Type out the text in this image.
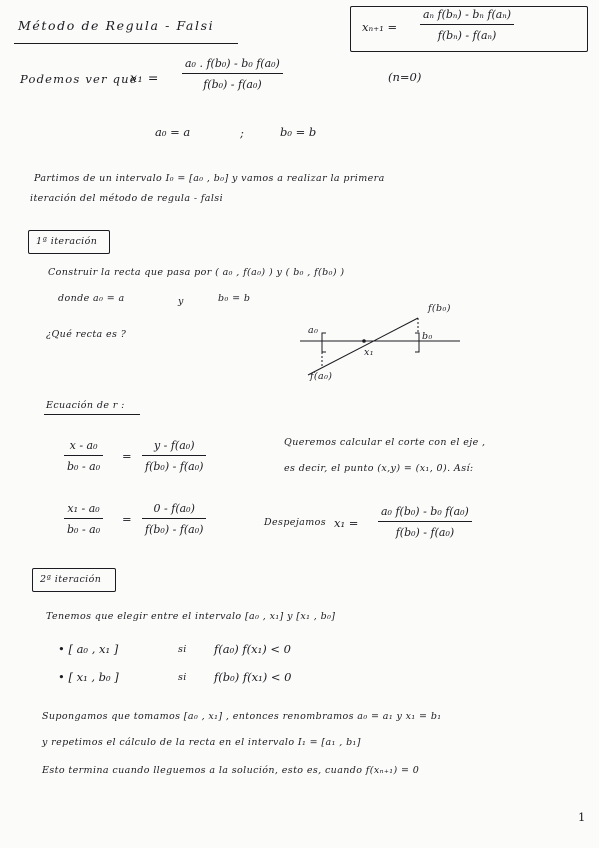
Método de Regula - Falsi	xₙ₊₁ =
aₙ f(bₙ) - bₙ f(aₙ)
f(bₙ) - f(aₙ)
Podemos ver que
x₁ =
a₀ . f(b₀) - b₀ f(a₀)
f(b₀) - f(a₀)
(n=0)
a₀ = a	;	b₀ = b
Partimos de un intervalo I₀ = [a₀ , b₀] y vamos a realizar la primera
iteración del método de regula - falsi
1ª iteración
Construir la recta que pasa por ( a₀ , f(a₀) ) y ( b₀ , f(b₀) )
donde a₀ = a	y	b₀ = b
¿Qué recta es ?
f(b₀)
a₀
b₀
x₁
f(a₀)
Ecuación de r :
x - a₀
b₀ - a₀
=
y - f(a₀)
f(b₀) - f(a₀)
Queremos calcular el corte con el eje ,
es decir, el punto (x,y) = (x₁, 0). Así:
x₁ - a₀
b₀ - a₀
=
0 - f(a₀)
f(b₀) - f(a₀)
Despejamos x₁ =
a₀ f(b₀) - b₀ f(a₀)
f(b₀) - f(a₀)
2ª iteración
Tenemos que elegir entre el intervalo [a₀ , x₁] y [x₁ , b₀]
• [ a₀ , x₁ ]	si f(a₀) f(x₁) < 0
• [ x₁ , b₀ ]	si f(b₀) f(x₁) < 0
Supongamos que tomamos [a₀ , x₁] , entonces renombramos a₀ = a₁ y x₁ = b₁
y repetimos el cálculo de la recta en el intervalo I₁ = [a₁ , b₁]
Esto termina cuando lleguemos a la solución, esto es, cuando f(xₙ₊₁) = 0
1
